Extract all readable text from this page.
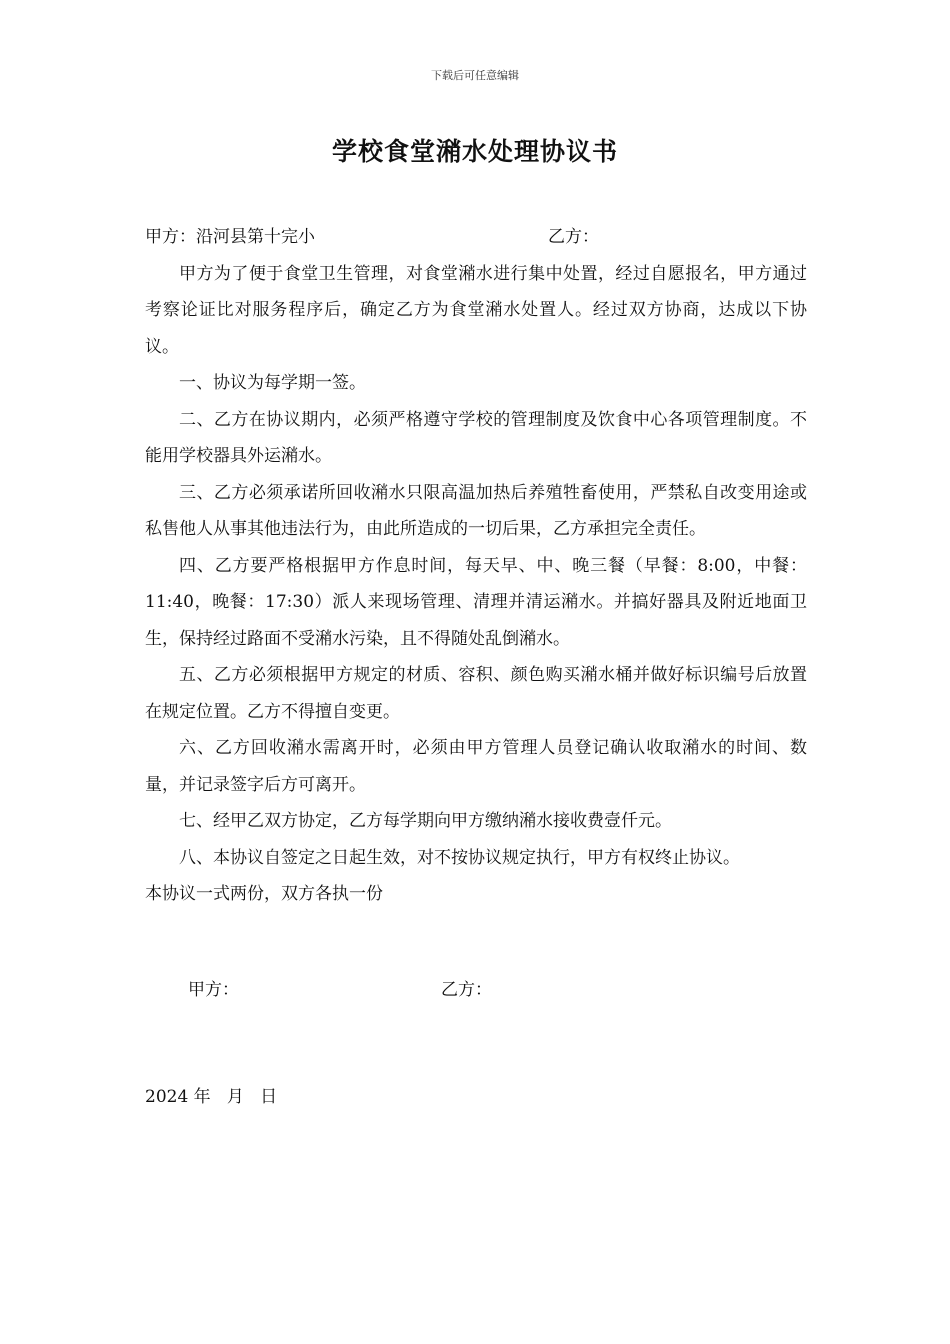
下载后可任意编辑
学校食堂潲水处理协议书
甲方：沿河县第十完小	乙方：

甲方为了便于食堂卫生管理，对食堂潲水进行集中处置，经过自愿报名，甲方通过考察论证比对服务程序后，确定乙方为食堂潲水处置人。经过双方协商，达成以下协议。

一、协议为每学期一签。

二、乙方在协议期内，必须严格遵守学校的管理制度及饮食中心各项管理制度。不能用学校器具外运潲水。

三、乙方必须承诺所回收潲水只限高温加热后养殖牲畜使用，严禁私自改变用途或私售他人从事其他违法行为，由此所造成的一切后果，乙方承担完全责任。

四、乙方要严格根据甲方作息时间，每天早、中、晚三餐（早餐：8:00，中餐：11:40，晚餐：17:30）派人来现场管理、清理并清运潲水。并搞好器具及附近地面卫生，保持经过路面不受潲水污染，且不得随处乱倒潲水。

五、乙方必须根据甲方规定的材质、容积、颜色购买潲水桶并做好标识编号后放置在规定位置。乙方不得擅自变更。

六、乙方回收潲水需离开时，必须由甲方管理人员登记确认收取潲水的时间、数量，并记录签字后方可离开。

七、经甲乙双方协定，乙方每学期向甲方缴纳潲水接收费壹仟元。

八、本协议自签定之日起生效，对不按协议规定执行，甲方有权终止协议。

本协议一式两份，双方各执一份

甲方：	乙方：
2024 年   月   日
